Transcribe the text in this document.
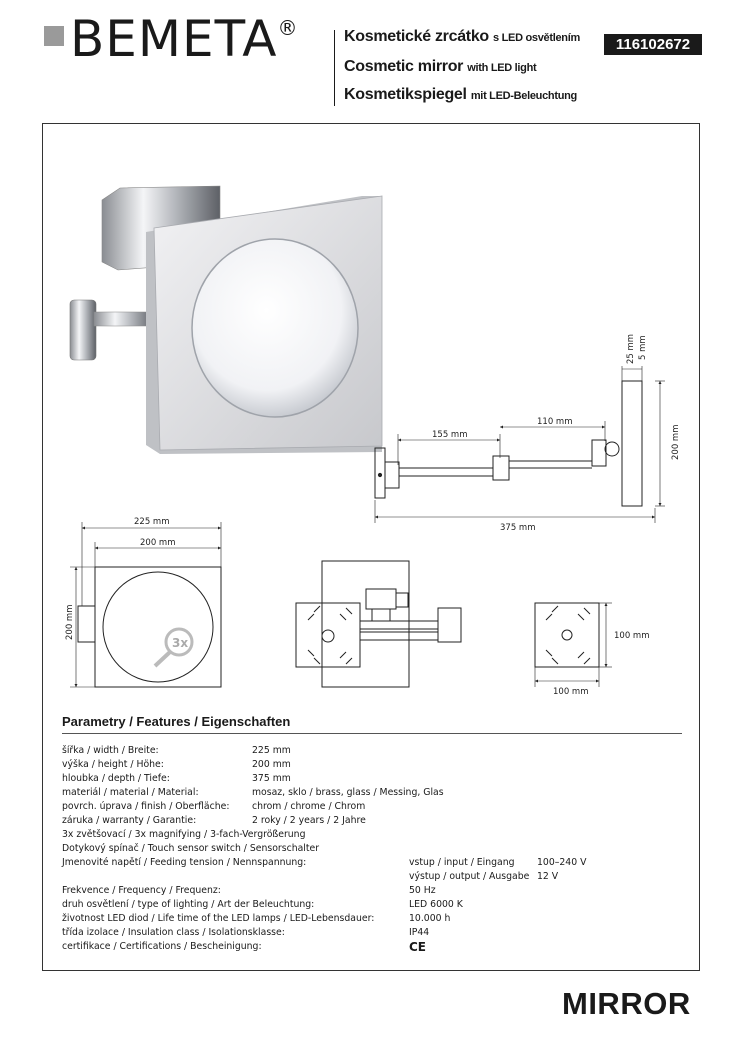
BEMETA®	Kosmetické zrcátko s LED osvětlením
Cosmetic mirror with LED light
Kosmetikspiegel mit LED-Beleuchtung
116102672
25 mm 5 mm
200 mm
155 mm
110 mm
375 mm
3x
225 mm
200 mm
200 mm	100 mm
100 mm
Parametry / Features / Eigenschaften
šířka / width / Breite:
výška / height / Höhe:
hloubka / depth / Tiefe:
materiál / material / Material:
povrch. úprava / finish / Oberfläche:
záruka / warranty / Garantie:
3x zvětšovací / 3x magnifying / 3-fach-Vergrößerung
Dotykový spínač / Touch sensor switch / Sensorschalter
Jmenovité napětí / Feeding tension / Nennspannung:

Frekvence / Frequency / Frequenz:
druh osvětlení / type of lighting / Art der Beleuchtung:
životnost LED diod / Life time of the LED lamps / LED-Lebensdauer:
třída izolace / Insulation class / Isolationsklasse:
certifikace / Certifications / Bescheinigung:
225 mm
200 mm
375 mm
mosaz, sklo / brass, glass / Messing, Glas
chrom / chrome / Chrom
2 roky / 2 years / 2 Jahre
vstup / input / Eingang
výstup / output / Ausgabe
50 Hz
LED 6000 K
10.000 h
IP44
CE
100–240 V
12 V
MIRROR
